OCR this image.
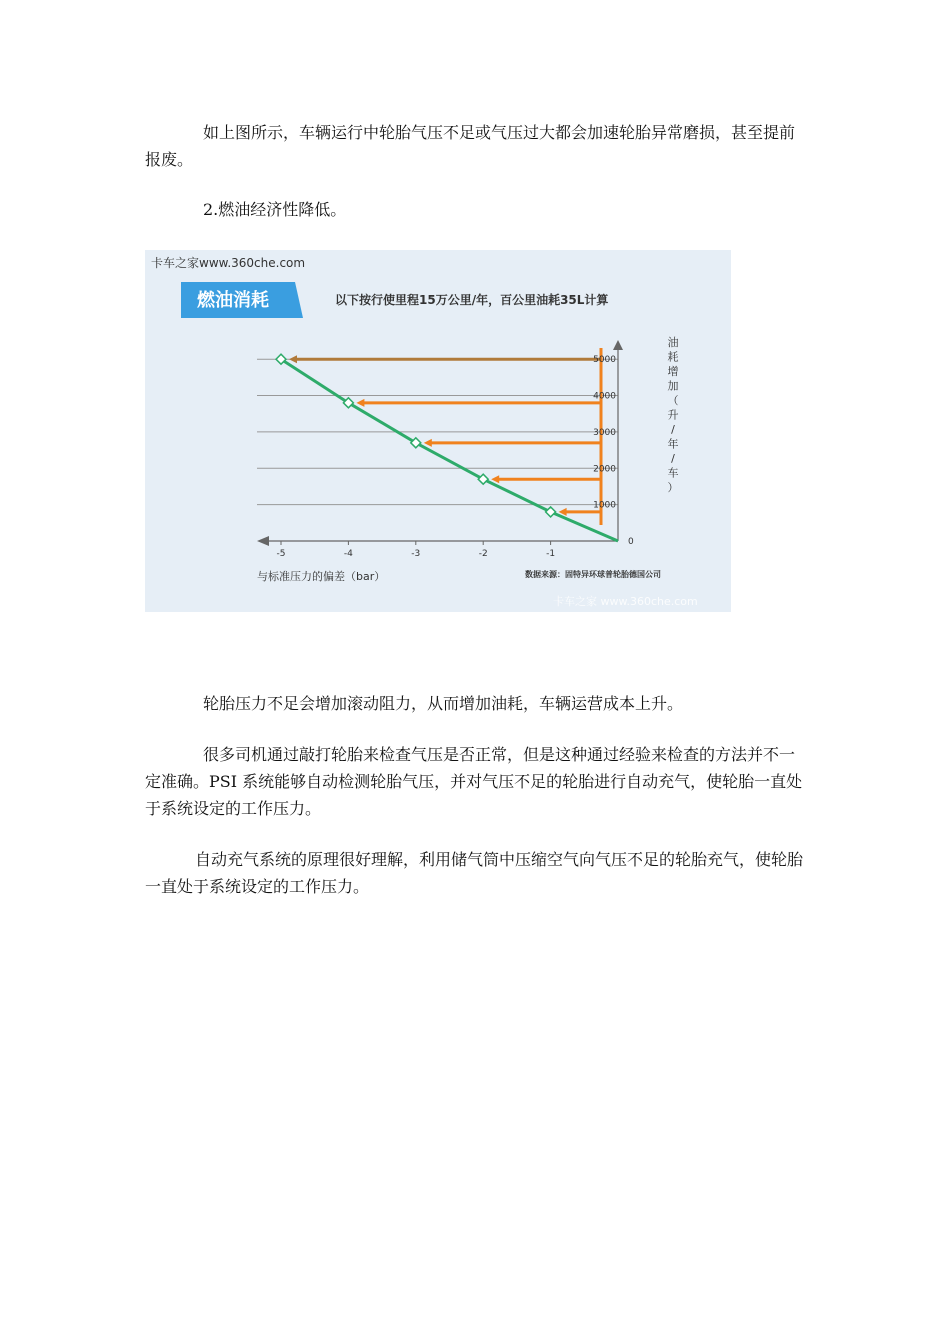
如上图所示，车辆运行中轮胎气压不足或气压过大都会加速轮胎异常磨损，甚至提前报废。

2.燃油经济性降低。

卡车之家www.360che.com
燃油消耗	以下按行使里程15万公里/年，百公里油耗35L计算
-5	-4	-3	-2	-1
0
1000
2000
3000
4000
5000
油
耗
增
加
（
升
/
年
/
车
）
与标准压力的偏差（bar）	数据来源：固特异环球普轮胎德国公司
卡车之家 www.360che.com

轮胎压力不足会增加滚动阻力，从而增加油耗，车辆运营成本上升。

很多司机通过敲打轮胎来检查气压是否正常，但是这种通过经验来检查的方法并不一定准确。PSI 系统能够自动检测轮胎气压，并对气压不足的轮胎进行自动充气，使轮胎一直处于系统设定的工作压力。

自动充气系统的原理很好理解，利用储气筒中压缩空气向气压不足的轮胎充气，使轮胎一直处于系统设定的工作压力。
